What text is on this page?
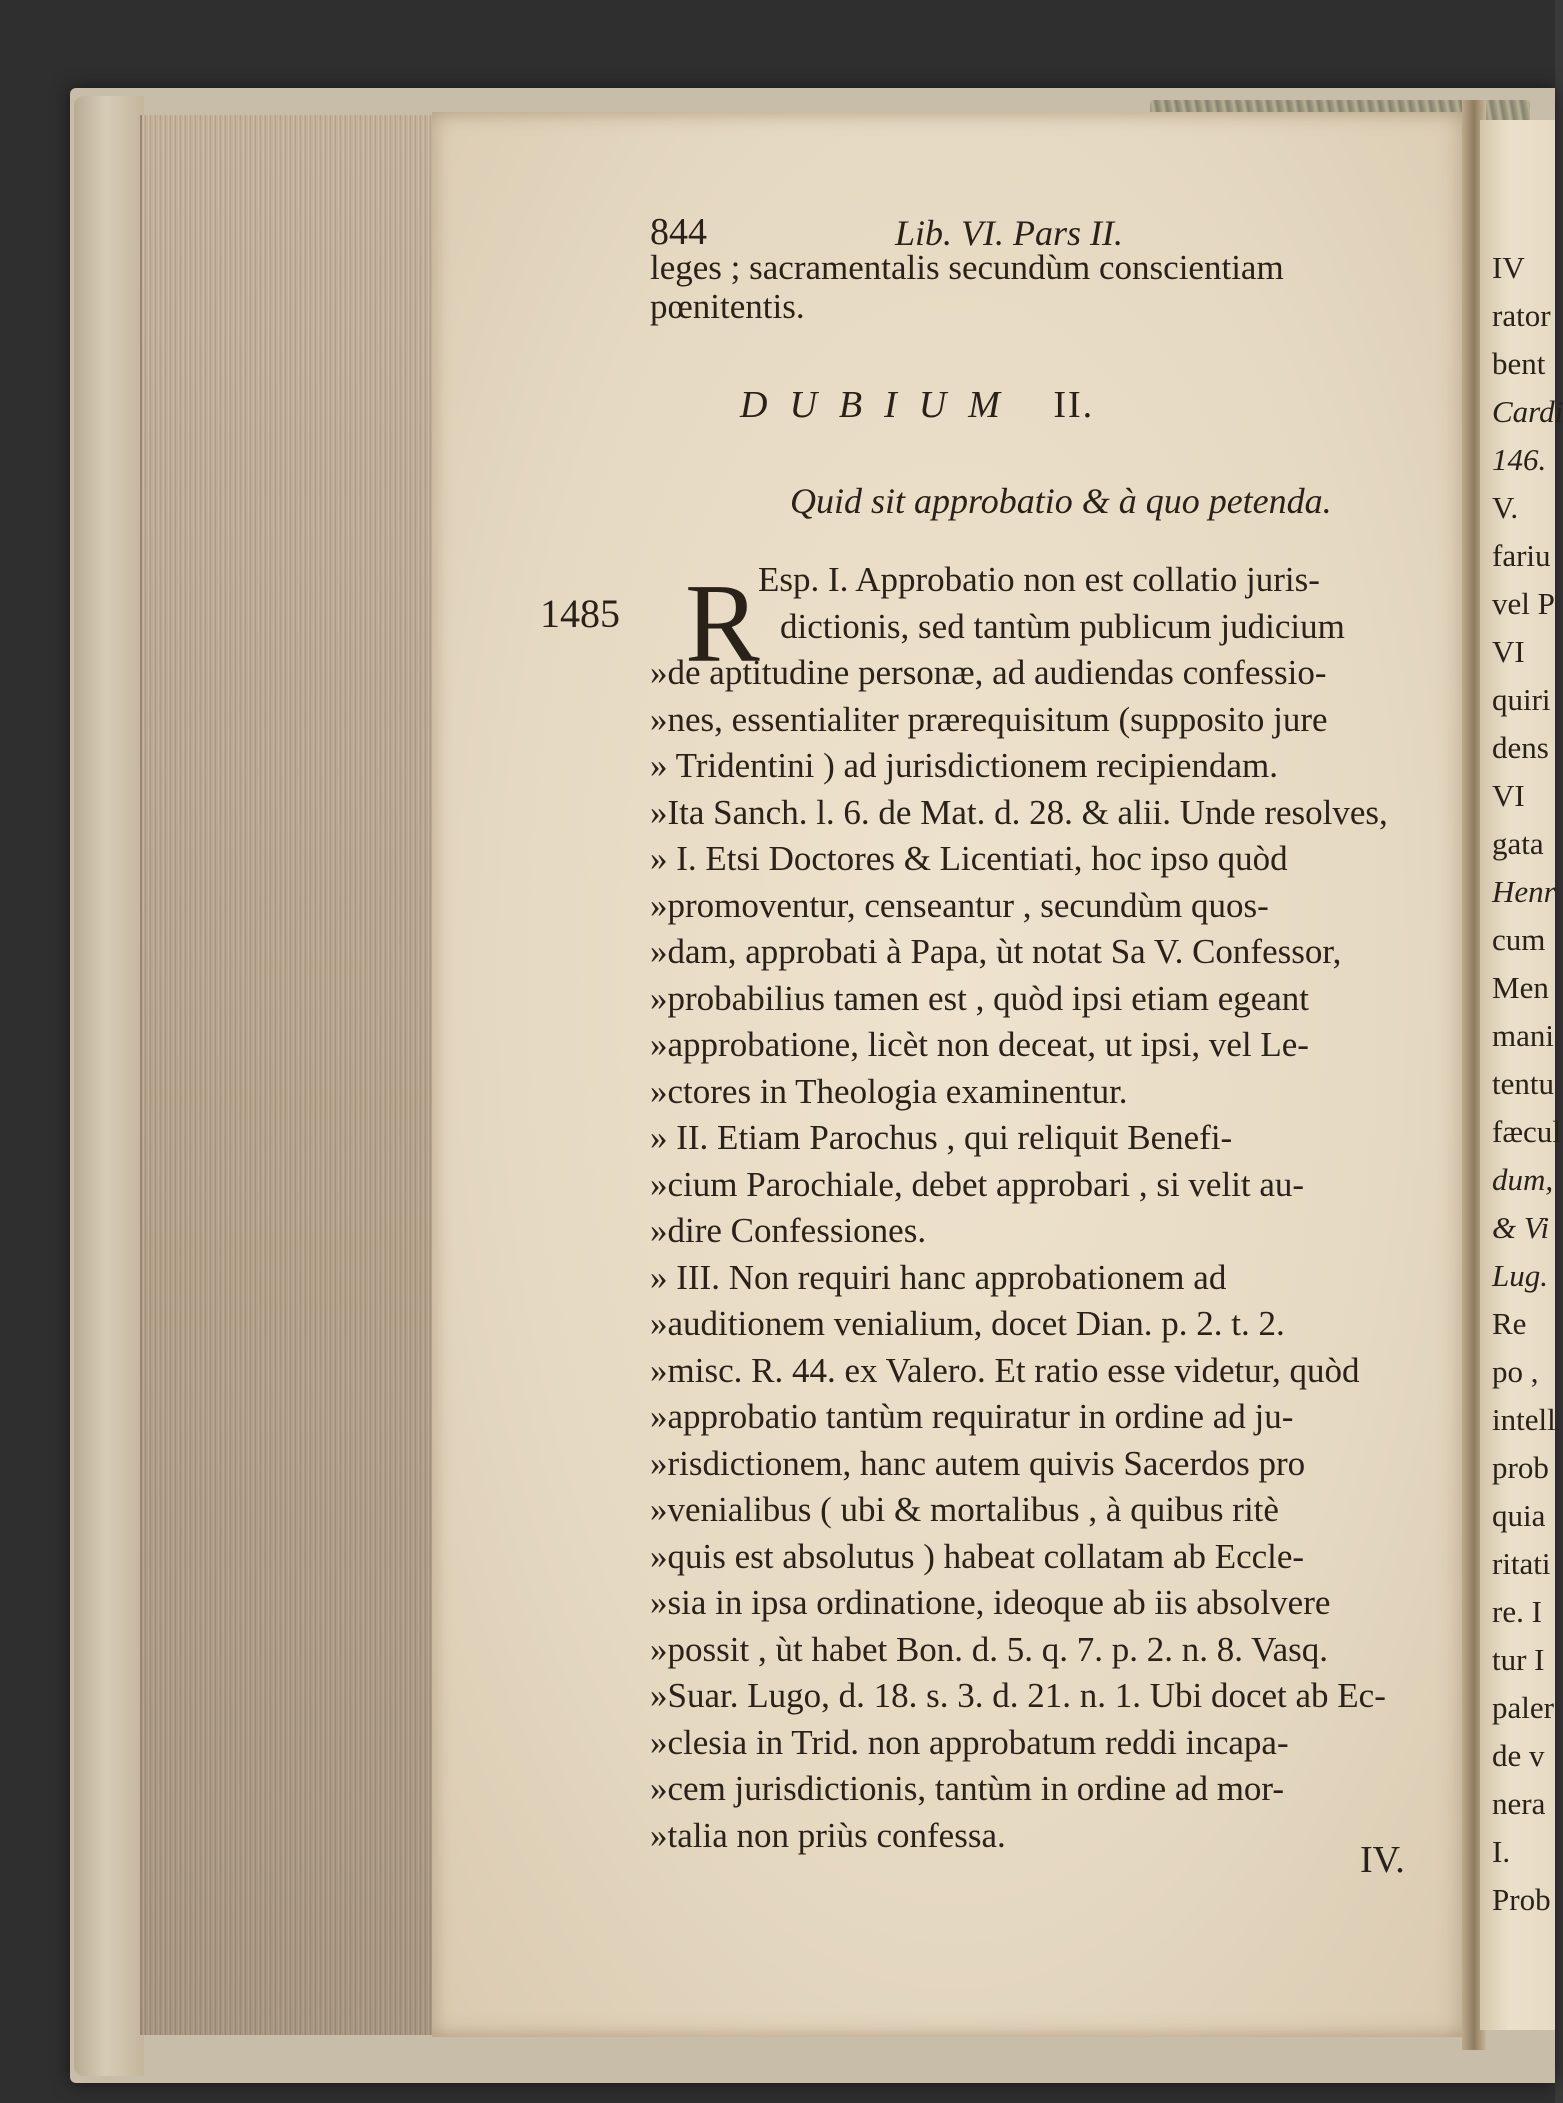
844	Lib. VI. Pars II.
DUBIUM II.
Quid sit approbatio & à quo petenda.
1485 R
leges ; sacramentalis secundùm conscientiam
pœnitentis.
Esp. I. Approbatio non est collatio juris-
dictionis, sed tantùm publicum judicium
»de aptitudine personæ, ad audiendas confessio-
»nes, essentialiter prærequisitum (supposito jure
» Tridentini ) ad jurisdictionem recipiendam.
»Ita Sanch. l. 6. de Mat. d. 28. & alii. Unde resolves,
» I. Etsi Doctores & Licentiati, hoc ipso quòd
»promoventur, censeantur , secundùm quos-
»dam, approbati à Papa, ùt notat Sa V. Confessor,
»probabilius tamen est , quòd ipsi etiam egeant
»approbatione, licèt non deceat, ut ipsi, vel Le-
»ctores in Theologia examinentur.
» II. Etiam Parochus , qui reliquit Benefi-
»cium Parochiale, debet approbari , si velit au-
»dire Confessiones.
» III. Non requiri hanc approbationem ad
»auditionem venialium, docet Dian. p. 2. t. 2.
»misc. R. 44. ex Valero. Et ratio esse videtur, quòd
»approbatio tantùm requiratur in ordine ad ju-
»risdictionem, hanc autem quivis Sacerdos pro
»venialibus ( ubi & mortalibus , à quibus ritè
»quis est absolutus ) habeat collatam ab Eccle-
»sia in ipsa ordinatione, ideoque ab iis absolvere
»possit , ùt habet Bon. d. 5. q. 7. p. 2. n. 8. Vasq.
»Suar. Lugo, d. 18. s. 3. d. 21. n. 1. Ubi docet ab Ec-
»clesia in Trid. non approbatum reddi incapa-
»cem jurisdictionis, tantùm in ordine ad mor-
»talia non priùs confessa.
IV.
IV
rator
bent
Cardi
146.
V.
fariu
vel P
VI
quiri
dens
VI
gata
Henr
cum
Men
mani
tentu
fæcul
dum,
& Vi
Lug.
Re
po ,
intell
prob
quia
ritati
re. I
tur I
paler
de v
nera
I.
Prob
